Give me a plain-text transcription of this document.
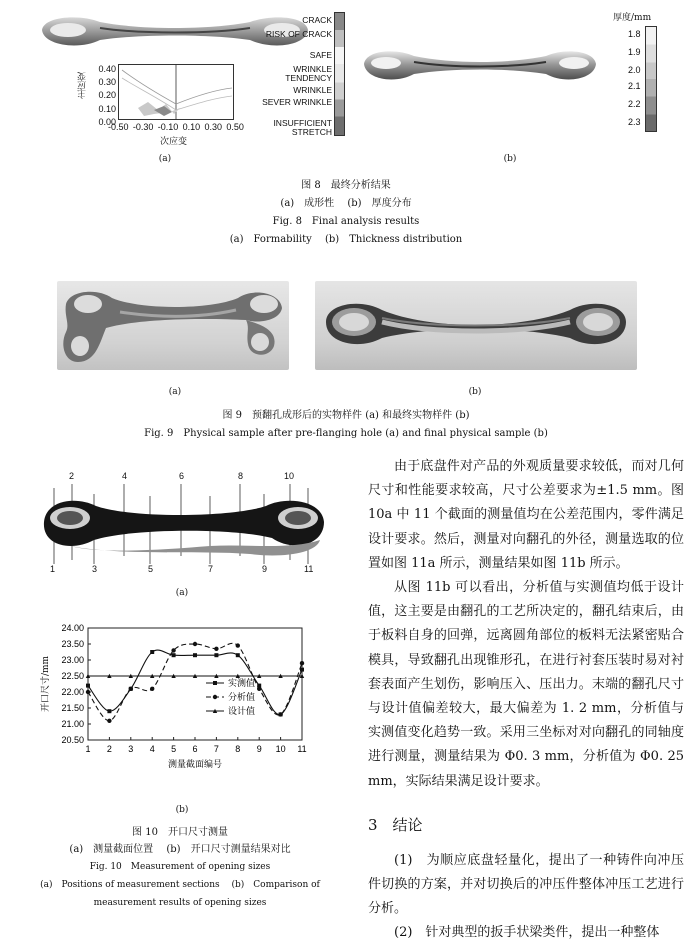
主应变
0.40
0.30
0.20
0.10
0.00
-0.50 -0.30 -0.10 0.10 0.30 0.50
次应变
CRACK
RISK OF CRACK
SAFE
WRINKLE TENDENCY
WRINKLE
SEVER WRINKLE
INSUFFICIENT STRETCH
(a)
厚度/mm
1.8
1.9
2.0
2.1
2.2
2.3
(b)
图 8　最终分析结果
(a)　成形性　 (b)　厚度分布
Fig. 8　Final analysis results
(a)　Formability　 (b)　Thickness distribution
(a)	(b)
图 9　预翻孔成形后的实物样件 (a) 和最终实物样件 (b)
Fig. 9　Physical sample after pre-flanging hole (a) and final physical sample (b)
2	4	6	8	10
1	3	5	7	9	11
(a)
24.00
23.50
23.00
22.50
22.00
21.50
21.00
20.50
1 2 3 4 5 6 7 8 9 10 11
测量截面编号
开口尺寸/mm	实测值
分析值
设计值
(b)
图 10　开口尺寸测量
(a)　测量截面位置　 (b)　开口尺寸测量结果对比
Fig. 10　Measurement of opening sizes
(a)　Positions of measurement sections　 (b)　Comparison of
measurement results of opening sizes

由于底盘件对产品的外观质量要求较低，而对几何尺寸和性能要求较高，尺寸公差要求为±1.5 mm。图 10a 中 11 个截面的测量值均在公差范围内，零件满足设计要求。然后，测量对向翻孔的外径，测量选取的位置如图 11a 所示，测量结果如图 11b 所示。

从图 11b 可以看出，分析值与实测值均低于设计值，这主要是由翻孔的工艺所决定的，翻孔结束后，由于板料自身的回弹，远离圆角部位的板料无法紧密贴合模具，导致翻孔出现锥形孔，在进行衬套压装时易对衬套表面产生划伤，影响压入、压出力。末端的翻孔尺寸与设计值偏差较大，最大偏差为 1. 2 mm，分析值与实测值变化趋势一致。采用三坐标对对向翻孔的同轴度进行测量，测量结果为 Φ0. 3 mm，分析值为 Φ0. 25 mm，实际结果满足设计要求。

3　结论

(1)　为顺应底盘轻量化，提出了一种铸件向冲压件切换的方案，并对切换后的冲压件整体冲压工艺进行分析。

(2)　针对典型的扳手状梁类件，提出一种整体
